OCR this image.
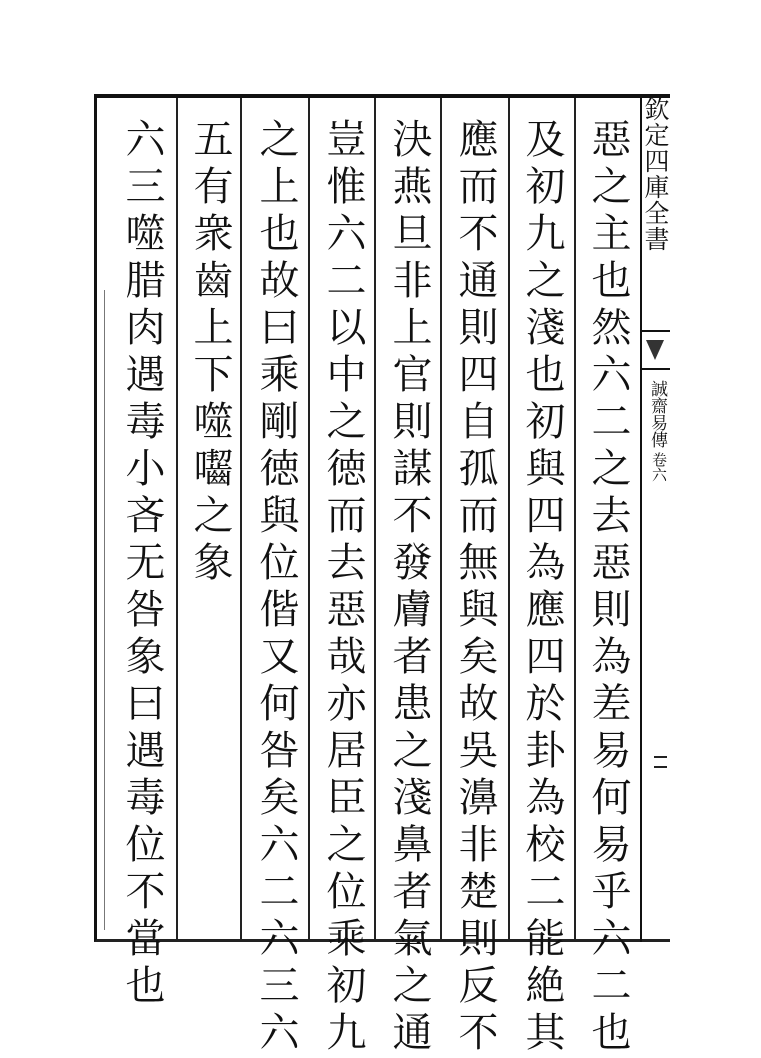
惡之主也然六二之去惡則為差易何易乎六二也
及初九之淺也初與四為應四於卦為校二能絶其
應而不通則四自孤而無與矣故吳濞非楚則反不
決燕旦非上官則謀不發膚者患之淺鼻者氣之通
豈惟六二以中之徳而去惡哉亦居臣之位乘初九
之上也故曰乘剛徳與位偕又何咎矣六二六三六
五有衆齒上下噬囓之象
六三噬腊肉遇毒小吝无咎象曰遇毒位不當也	欽定四庫全書
誠齋易傳
卷六
